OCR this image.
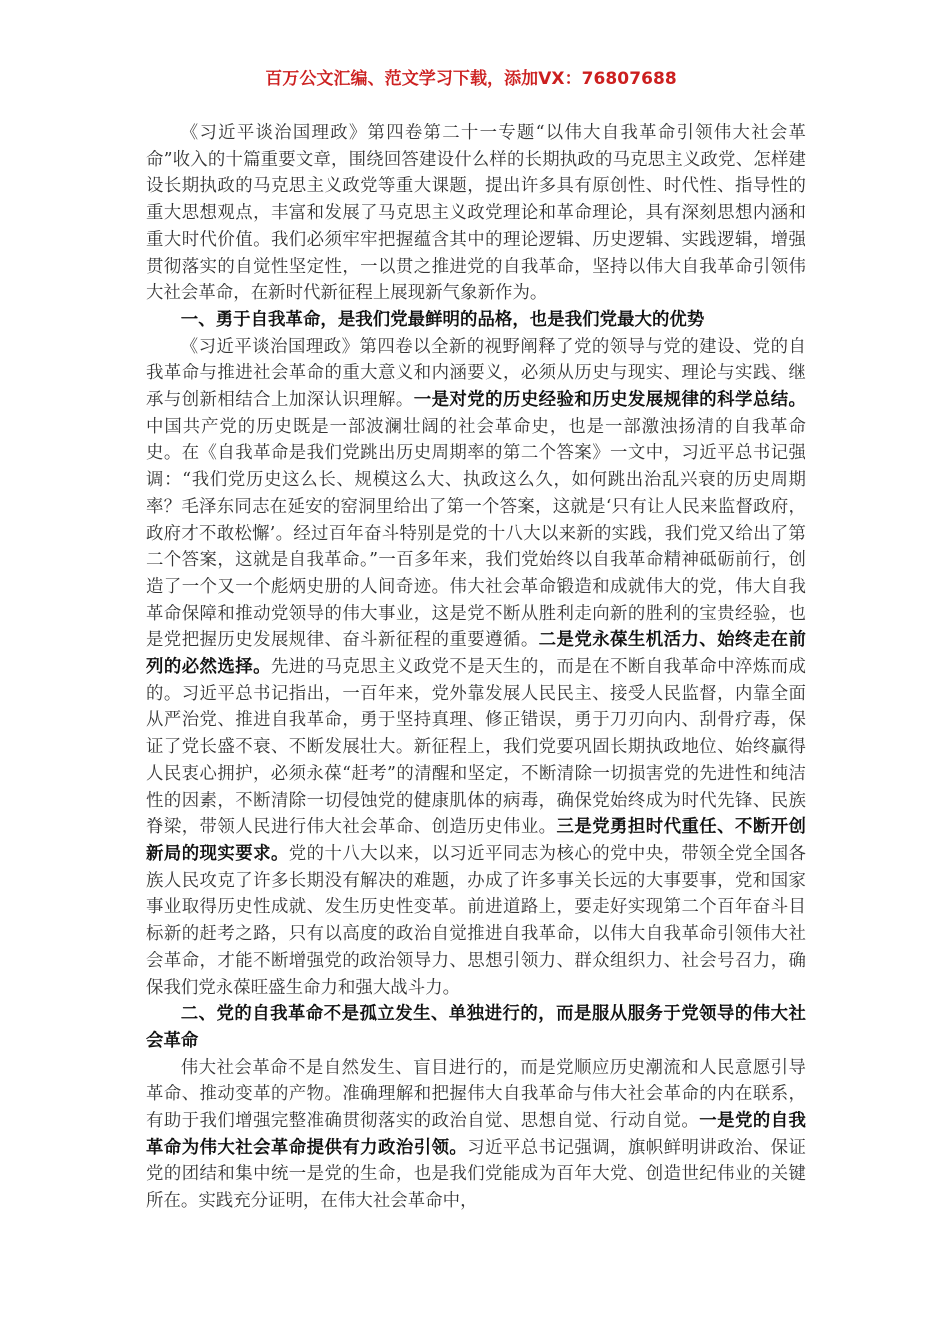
百万公文汇编、范文学习下载，添加VX：76807688

《习近平谈治国理政》第四卷第二十一专题“以伟大自我革命引领伟大社会革命”收入的十篇重要文章，围绕回答建设什么样的长期执政的马克思主义政党、怎样建设长期执政的马克思主义政党等重大课题，提出许多具有原创性、时代性、指导性的重大思想观点，丰富和发展了马克思主义政党理论和革命理论，具有深刻思想内涵和重大时代价值。我们必须牢牢把握蕴含其中的理论逻辑、历史逻辑、实践逻辑，增强贯彻落实的自觉性坚定性，一以贯之推进党的自我革命，坚持以伟大自我革命引领伟大社会革命，在新时代新征程上展现新气象新作为。

一、勇于自我革命，是我们党最鲜明的品格，也是我们党最大的优势

《习近平谈治国理政》第四卷以全新的视野阐释了党的领导与党的建设、党的自我革命与推进社会革命的重大意义和内涵要义，必须从历史与现实、理论与实践、继承与创新相结合上加深认识理解。一是对党的历史经验和历史发展规律的科学总结。中国共产党的历史既是一部波澜壮阔的社会革命史，也是一部激浊扬清的自我革命史。在《自我革命是我们党跳出历史周期率的第二个答案》一文中，习近平总书记强调：“我们党历史这么长、规模这么大、执政这么久，如何跳出治乱兴衰的历史周期率？毛泽东同志在延安的窑洞里给出了第一个答案，这就是‘只有让人民来监督政府，政府才不敢松懈’。经过百年奋斗特别是党的十八大以来新的实践，我们党又给出了第二个答案，这就是自我革命。”一百多年来，我们党始终以自我革命精神砥砺前行，创造了一个又一个彪炳史册的人间奇迹。伟大社会革命锻造和成就伟大的党，伟大自我革命保障和推动党领导的伟大事业，这是党不断从胜利走向新的胜利的宝贵经验，也是党把握历史发展规律、奋斗新征程的重要遵循。二是党永葆生机活力、始终走在前列的必然选择。先进的马克思主义政党不是天生的，而是在不断自我革命中淬炼而成的。习近平总书记指出，一百年来，党外靠发展人民民主、接受人民监督，内靠全面从严治党、推进自我革命，勇于坚持真理、修正错误，勇于刀刃向内、刮骨疗毒，保证了党长盛不衰、不断发展壮大。新征程上，我们党要巩固长期执政地位、始终赢得人民衷心拥护，必须永葆“赶考”的清醒和坚定，不断清除一切损害党的先进性和纯洁性的因素，不断清除一切侵蚀党的健康肌体的病毒，确保党始终成为时代先锋、民族脊梁，带领人民进行伟大社会革命、创造历史伟业。三是党勇担时代重任、不断开创新局的现实要求。党的十八大以来，以习近平同志为核心的党中央，带领全党全国各族人民攻克了许多长期没有解决的难题，办成了许多事关长远的大事要事，党和国家事业取得历史性成就、发生历史性变革。前进道路上，要走好实现第二个百年奋斗目标新的赶考之路，只有以高度的政治自觉推进自我革命，以伟大自我革命引领伟大社会革命，才能不断增强党的政治领导力、思想引领力、群众组织力、社会号召力，确保我们党永葆旺盛生命力和强大战斗力。

二、党的自我革命不是孤立发生、单独进行的，而是服从服务于党领导的伟大社会革命

伟大社会革命不是自然发生、盲目进行的，而是党顺应历史潮流和人民意愿引导革命、推动变革的产物。准确理解和把握伟大自我革命与伟大社会革命的内在联系，有助于我们增强完整准确贯彻落实的政治自觉、思想自觉、行动自觉。一是党的自我革命为伟大社会革命提供有力政治引领。习近平总书记强调，旗帜鲜明讲政治、保证党的团结和集中统一是党的生命，也是我们党能成为百年大党、创造世纪伟业的关键所在。实践充分证明，在伟大社会革命中，
